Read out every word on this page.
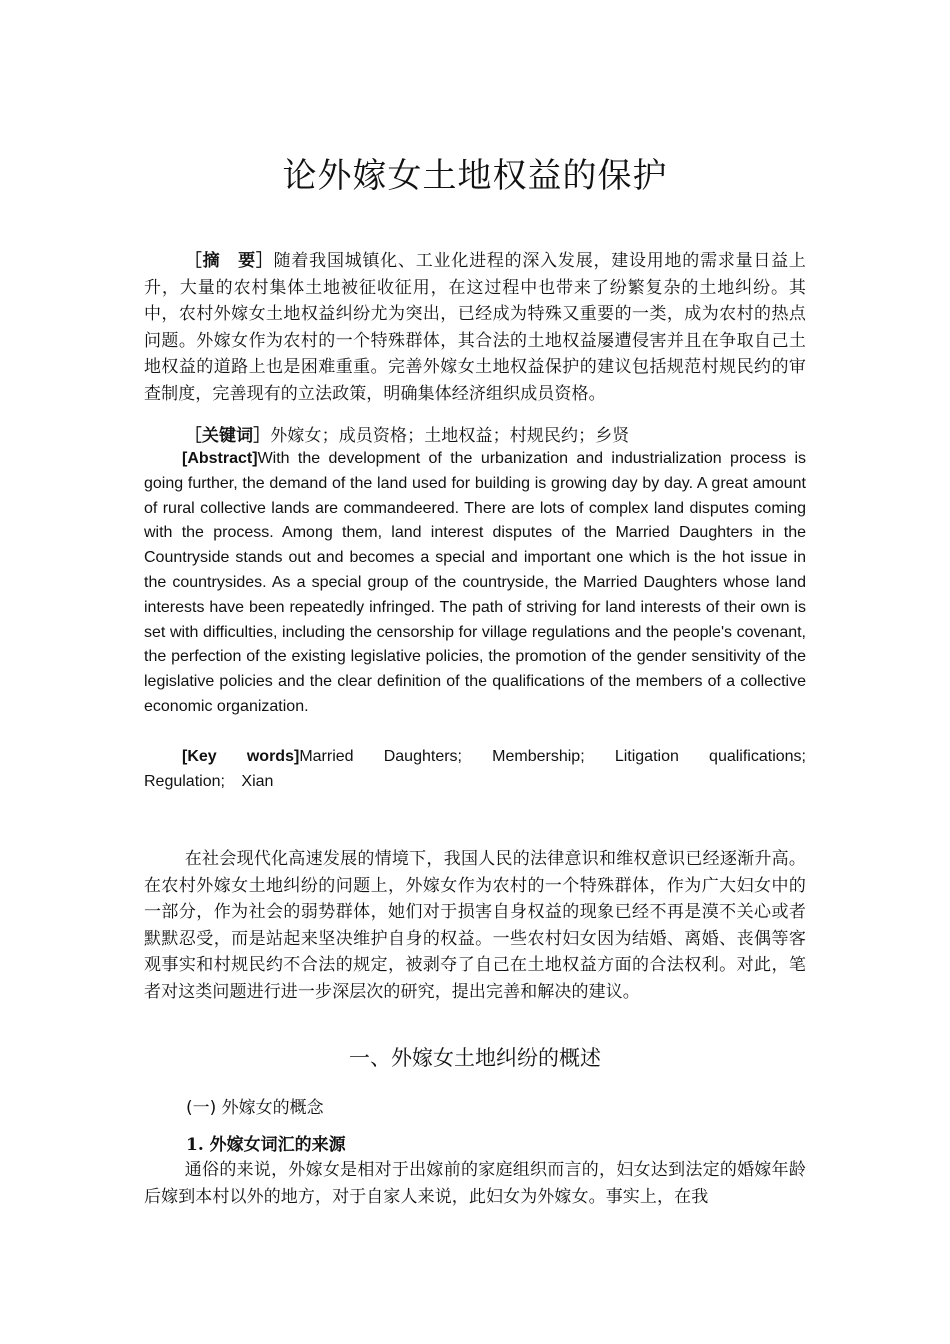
论外嫁女土地权益的保护

［摘　要］随着我国城镇化、工业化进程的深入发展，建设用地的需求量日益上升，大量的农村集体土地被征收征用，在这过程中也带来了纷繁复杂的土地纠纷。其中，农村外嫁女土地权益纠纷尤为突出，已经成为特殊又重要的一类，成为农村的热点问题。外嫁女作为农村的一个特殊群体，其合法的土地权益屡遭侵害并且在争取自己土地权益的道路上也是困难重重。完善外嫁女土地权益保护的建议包括规范村规民约的审查制度，完善现有的立法政策，明确集体经济组织成员资格。

［关键词］外嫁女；成员资格；土地权益；村规民约；乡贤

[Abstract]With the development of the urbanization and industrialization process is going further, the demand of the land used for building is growing day by day. A great amount of rural collective lands are commandeered. There are lots of complex land disputes coming with the process. Among them, land interest disputes of the Married Daughters in the Countryside stands out and becomes a special and important one which is the hot issue in the countrysides. As a special group of the countryside, the Married Daughters whose land interests have been repeatedly infringed. The path of striving for land interests of their own is set with difficulties, including the censorship for village regulations and the people's covenant, the perfection of the existing legislative policies, the promotion of the gender sensitivity of the legislative policies and the clear definition of the qualifications of the members of a collective economic organization.

[Key words]Married Daughters; Membership; Litigation qualifications; Regulation; Xian

在社会现代化高速发展的情境下，我国人民的法律意识和维权意识已经逐渐升高。在农村外嫁女土地纠纷的问题上，外嫁女作为农村的一个特殊群体，作为广大妇女中的一部分，作为社会的弱势群体，她们对于损害自身权益的现象已经不再是漠不关心或者默默忍受，而是站起来坚决维护自身的权益。一些农村妇女因为结婚、离婚、丧偶等客观事实和村规民约不合法的规定，被剥夺了自己在土地权益方面的合法权利。对此，笔者对这类问题进行进一步深层次的研究，提出完善和解决的建议。

一、外嫁女土地纠纷的概述
(一) 外嫁女的概念
1. 外嫁女词汇的来源

通俗的来说，外嫁女是相对于出嫁前的家庭组织而言的，妇女达到法定的婚嫁年龄后嫁到本村以外的地方，对于自家人来说，此妇女为外嫁女。事实上，在我
